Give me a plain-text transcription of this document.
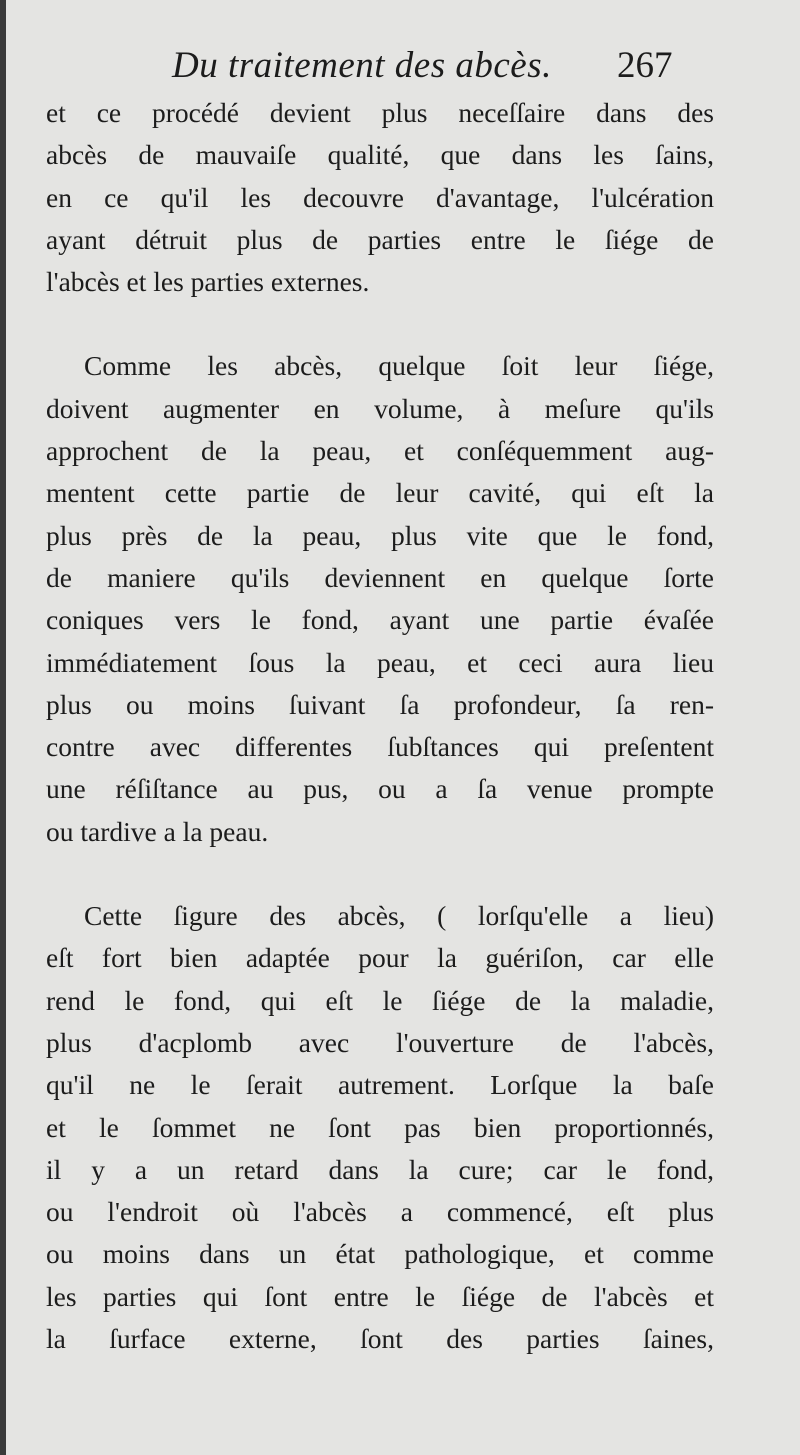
Du traitement des abcès. 267
et ce procédé devient plus neceſſaire dans des
abcès de mauvaiſe qualité, que dans les ſains,
en ce qu'il les decouvre d'avantage, l'ulcération
ayant détruit plus de parties entre le ſiége de
l'abcès et les parties externes.
Comme les abcès, quelque ſoit leur ſiége,
doivent augmenter en volume, à meſure qu'ils
approchent de la peau, et conſéquemment aug-
mentent cette partie de leur cavité, qui eſt la
plus près de la peau, plus vite que le fond,
de maniere qu'ils deviennent en quelque ſorte
coniques vers le fond, ayant une partie évaſée
immédiatement ſous la peau, et ceci aura lieu
plus ou moins ſuivant ſa profondeur, ſa ren-
contre avec differentes ſubſtances qui preſentent
une réſiſtance au pus, ou a ſa venue prompte
ou tardive a la peau.
Cette ſigure des abcès, ( lorſqu'elle a lieu)
eſt fort bien adaptée pour la guériſon, car elle
rend le fond, qui eſt le ſiége de la maladie,
plus d'acplomb avec l'ouverture de l'abcès,
qu'il ne le ſerait autrement. Lorſque la baſe
et le ſommet ne ſont pas bien proportionnés,
il y a un retard dans la cure; car le fond,
ou l'endroit où l'abcès a commencé, eſt plus
ou moins dans un état pathologique, et comme
les parties qui ſont entre le ſiége de l'abcès et
la ſurface externe, ſont des parties ſaines,
